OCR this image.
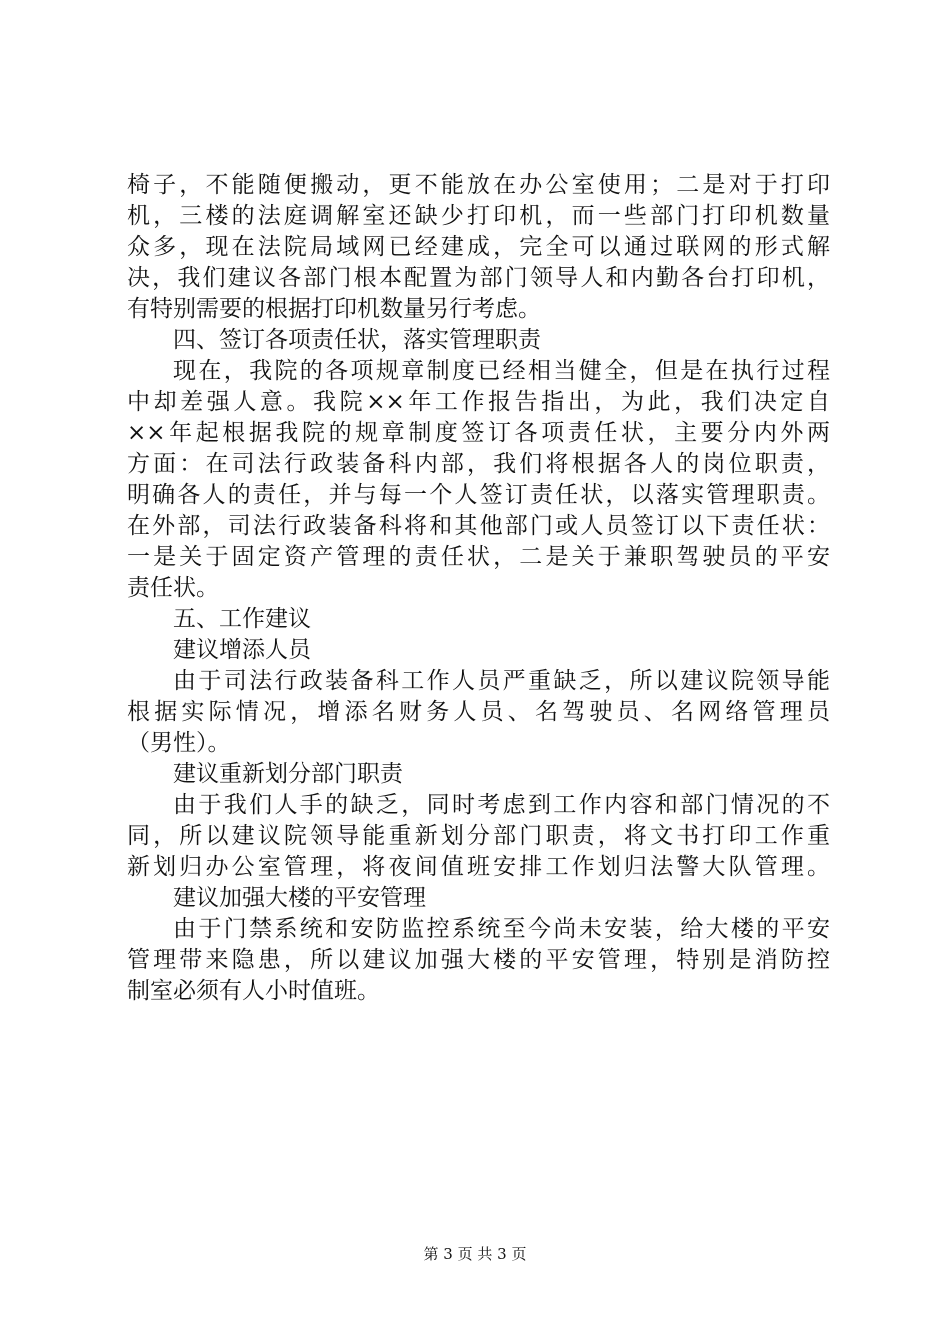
椅子，不能随便搬动，更不能放在办公室使用；二是对于打印
机，三楼的法庭调解室还缺少打印机，而一些部门打印机数量
众多，现在法院局域网已经建成，完全可以通过联网的形式解
决，我们建议各部门根本配置为部门领导人和内勤各台打印机，
有特别需要的根据打印机数量另行考虑。
四、签订各项责任状，落实管理职责
现在，我院的各项规章制度已经相当健全，但是在执行过程
中却差强人意。我院××年工作报告指出，为此，我们决定自
××年起根据我院的规章制度签订各项责任状，主要分内外两
方面：在司法行政装备科内部，我们将根据各人的岗位职责，
明确各人的责任，并与每一个人签订责任状，以落实管理职责。
在外部，司法行政装备科将和其他部门或人员签订以下责任状：
一是关于固定资产管理的责任状，二是关于兼职驾驶员的平安
责任状。
五、工作建议
建议增添人员
由于司法行政装备科工作人员严重缺乏，所以建议院领导能
根据实际情况，增添名财务人员、名驾驶员、名网络管理员
（男性）。
建议重新划分部门职责
由于我们人手的缺乏，同时考虑到工作内容和部门情况的不
同，所以建议院领导能重新划分部门职责，将文书打印工作重
新划归办公室管理，将夜间值班安排工作划归法警大队管理。
建议加强大楼的平安管理
由于门禁系统和安防监控系统至今尚未安装，给大楼的平安
管理带来隐患，所以建议加强大楼的平安管理，特别是消防控
制室必须有人小时值班。
第 3 页 共 3 页
